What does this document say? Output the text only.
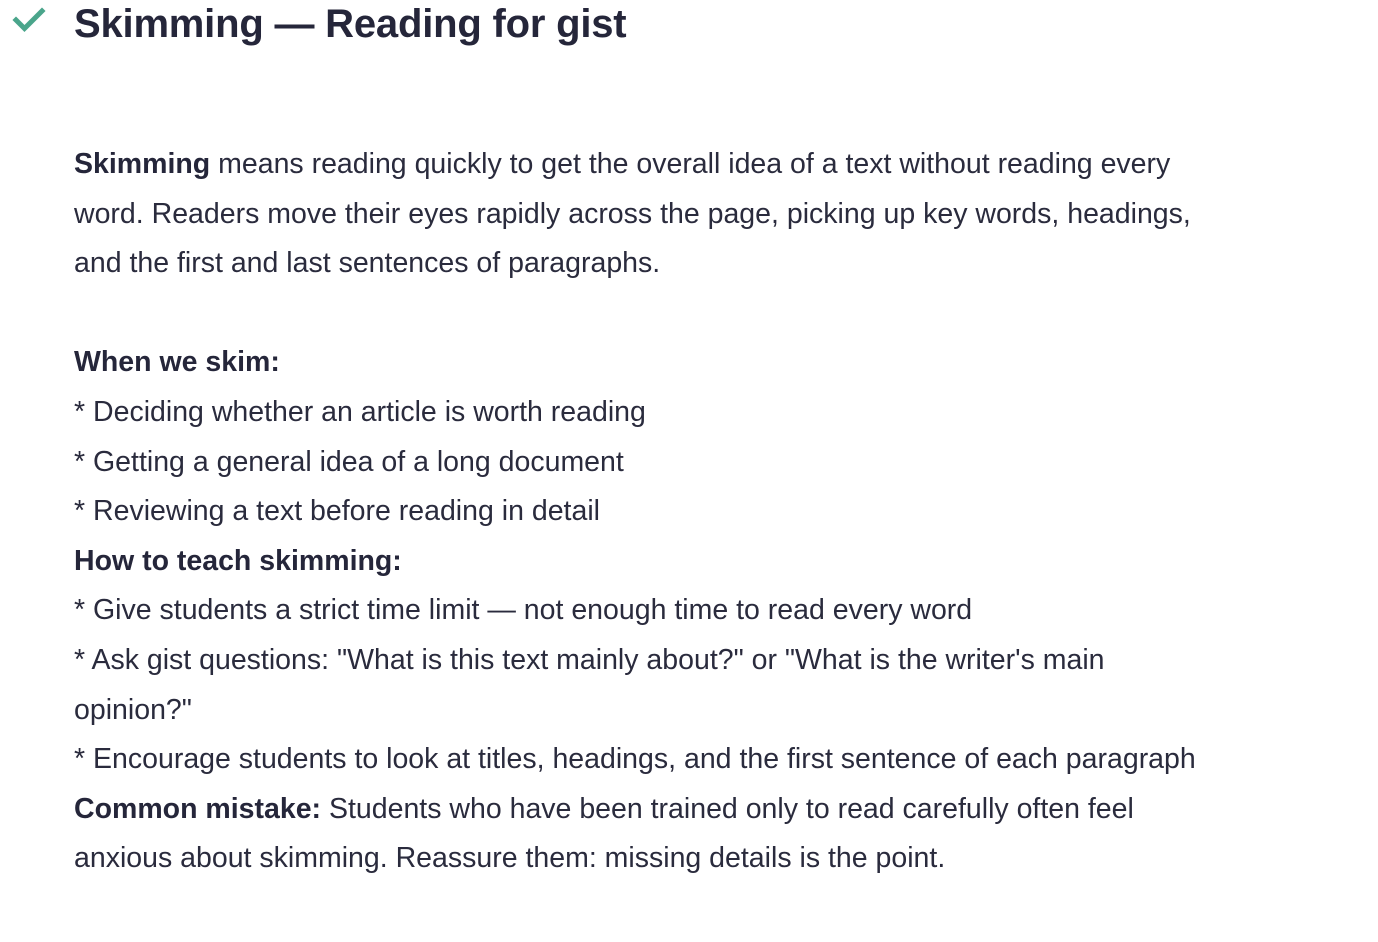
Skimming — Reading for gist

Skimming means reading quickly to get the overall idea of a text without reading every word. Readers move their eyes rapidly across the page, picking up key words, headings, and the first and last sentences of paragraphs.

When we skim:

* Deciding whether an article is worth reading

* Getting a general idea of a long document

* Reviewing a text before reading in detail

How to teach skimming:

* Give students a strict time limit — not enough time to read every word

* Ask gist questions: "What is this text mainly about?" or "What is the writer's main opinion?"

* Encourage students to look at titles, headings, and the first sentence of each paragraph

Common mistake: Students who have been trained only to read carefully often feel anxious about skimming. Reassure them: missing details is the point.
